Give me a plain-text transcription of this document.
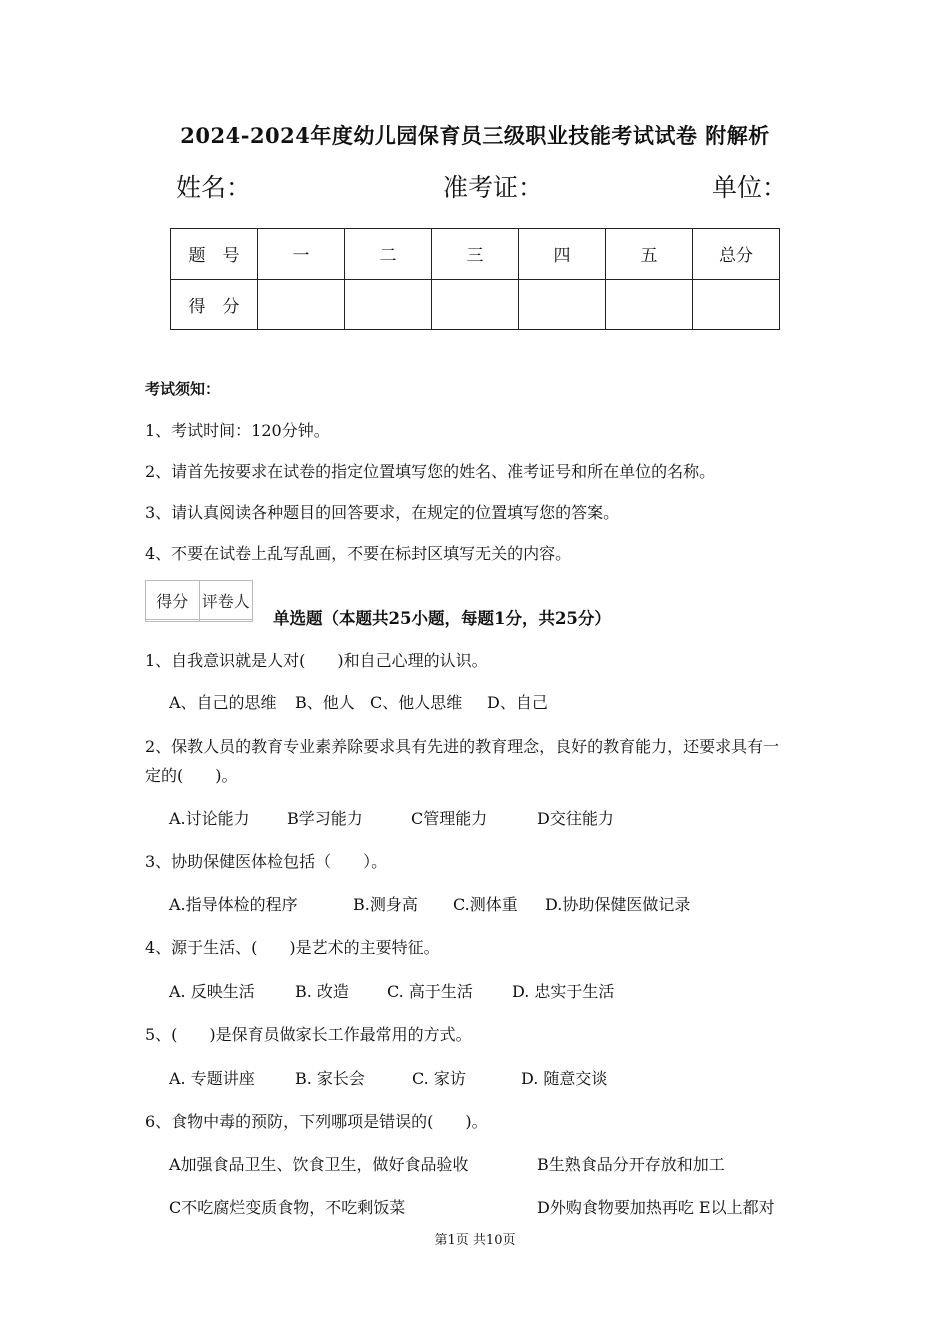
2024-2024年度幼儿园保育员三级职业技能考试试卷 附解析
姓名：	准考证：	单位：
题　号	一	二	三	四	五	总分
得　分						
考试须知：
1、考试时间：120分钟。
2、请首先按要求在试卷的指定位置填写您的姓名、准考证号和所在单位的名称。
3、请认真阅读各种题目的回答要求，在规定的位置填写您的答案。
4、不要在试卷上乱写乱画，不要在标封区填写无关的内容。
得分	评卷人

单选题（本题共25小题，每题1分，共25分）
1、自我意识就是人对(　　)和自己心理的认识。
A、自己的思维 B、他人 C、他人思维 D、自己
2、保教人员的教育专业素养除要求具有先进的教育理念，良好的教育能力，还要求具有一
定的(　　)。
A.讨论能力 B学习能力	C管理能力	D交往能力
3、协助保健医体检包括（　　）。
A.指导体检的程序	B.测身高 C.测体重 D.协助保健医做记录
4、源于生活、(　　)是艺术的主要特征。
A. 反映生活	B. 改造 C. 高于生活 D. 忠实于生活
5、(　　)是保育员做家长工作最常用的方式。
A. 专题讲座	B. 家长会	C. 家访	D. 随意交谈
6、食物中毒的预防，下列哪项是错误的(　　)。
A加强食品卫生、饮食卫生，做好食品验收	B生熟食品分开存放和加工
C不吃腐烂变质食物，不吃剩饭菜	D外购食物要加热再吃 E以上都对
第1页 共10页
